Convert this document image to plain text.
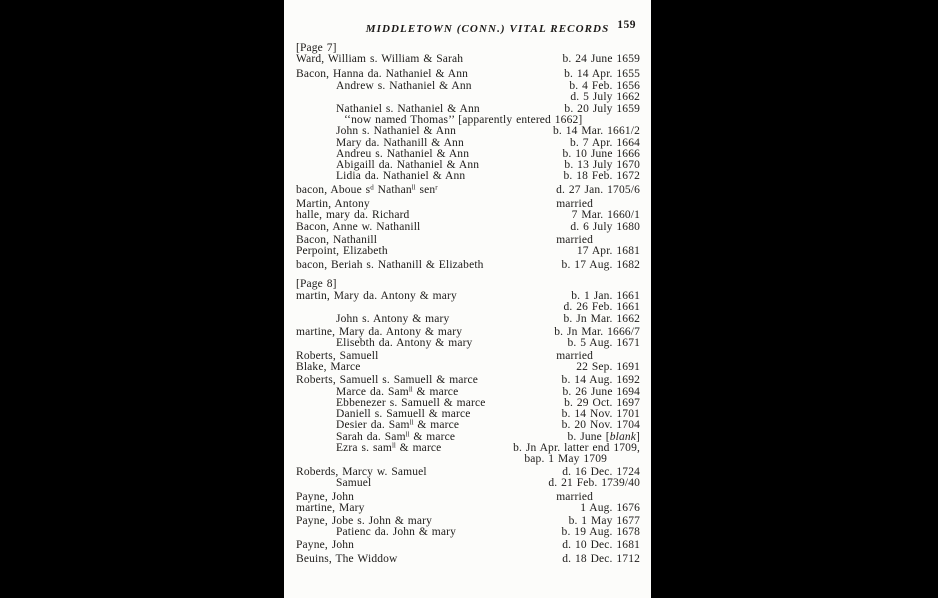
MIDDLETOWN (CONN.) VITAL RECORDS 159
[Page 7]
Ward, William s. William & Sarah	b. 24 June 1659
Bacon, Hanna da. Nathaniel & Ann	b. 14 Apr. 1655
Andrew s. Nathaniel & Ann	b. 4 Feb. 1656
d. 5 July 1662
Nathaniel s. Nathaniel & Ann	b. 20 July 1659
‘‘now named Thomas’’ [apparently entered 1662]
John s. Nathaniel & Ann	b. 14 Mar. 1661/2
Mary da. Nathanill & Ann	b. 7 Apr. 1664
Andreu s. Nathaniel & Ann	b. 10 June 1666
Abigaill da. Nathaniel & Ann	b. 13 July 1670
Lidia da. Nathaniel & Ann	b. 18 Feb. 1672
bacon, Aboue $s^d$ Nathan$^{ll}$ sen$^r$	d. 27 Jan. 1705/6
Martin, Antony	married
halle, mary da. Richard	7 Mar. 1660/1
Bacon, Anne w. Nathanill	d. 6 July 1680
Bacon, Nathanill	married
Perpoint, Elizabeth	17 Apr. 1681
bacon, Beriah s. Nathanill & Elizabeth	b. 17 Aug. 1682
[Page 8]
martin, Mary da. Antony & mary	b. 1 Jan. 1661
d. 26 Feb. 1661
John s. Antony & mary	b. Jn Mar. 1662
martine, Mary da. Antony & mary	b. Jn Mar. 1666/7
Elisebth da. Antony & mary	b. 5 Aug. 1671
Roberts, Samuell	married
Blake, Marce	22 Sep. 1691
Roberts, Samuell s. Samuell & marce	b. 14 Aug. 1692
Marce da. Sam$^{ll}$ & marce	b. 26 June 1694
Ebbenezer s. Samuell & marce	b. 29 Oct. 1697
Daniell s. Samuell & marce	b. 14 Nov. 1701
Desier da. Sam$^{ll}$ & marce	b. 20 Nov. 1704
Sarah da. Sam$^{ll}$ & marce	b. June [blank]
Ezra s. sam$^{ll}$ & marce	b. Jn Apr. latter end 1709,
bap. 1 May 1709
Roberds, Marcy w. Samuel	d. 16 Dec. 1724
Samuel	d. 21 Feb. 1739/40
Payne, John	married
martine, Mary	1 Aug. 1676
Payne, Jobe s. John & mary	b. 1 May 1677
Patienc da. John & mary	b. 19 Aug. 1678
Payne, John	d. 10 Dec. 1681
Beuins, The Widdow	d. 18 Dec. 1712
